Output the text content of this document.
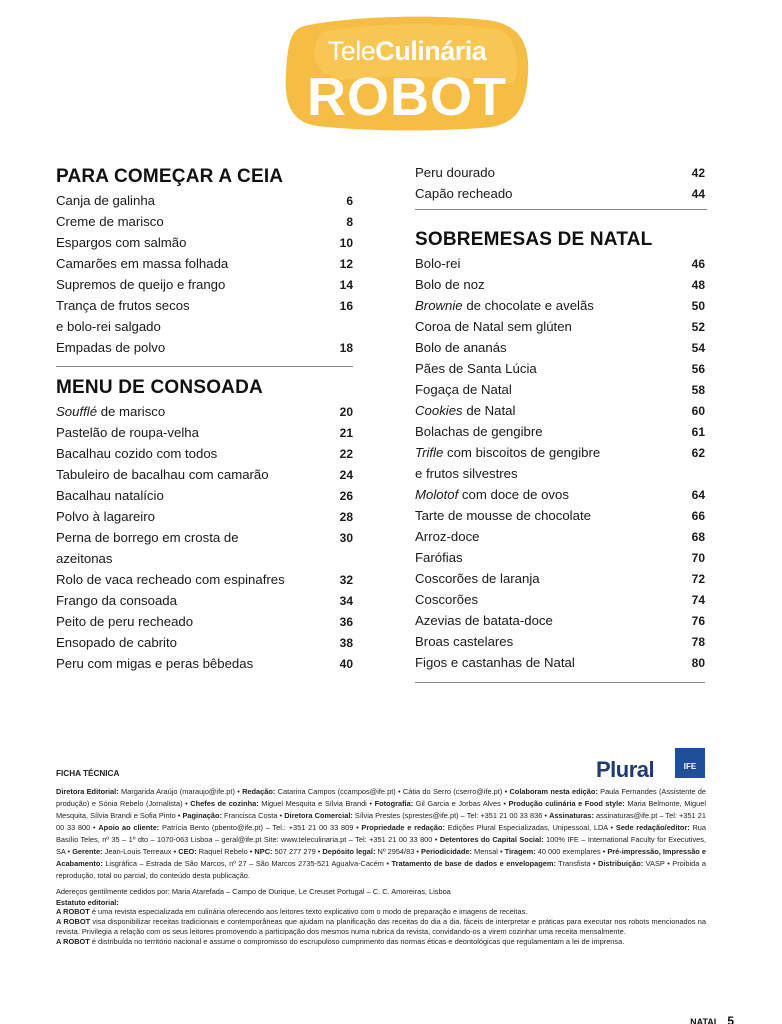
TeleCulinária
ROBOT
PARA COMEÇAR A CEIA
Canja de galinha	6
Creme de marisco	8
Espargos com salmão	10
Camarões em massa folhada	12
Supremos de queijo e frango	14
Trança de frutos secos	16
e bolo-rei salgado
Empadas de polvo	18
MENU DE CONSOADA
Soufflé de marisco	20
Pastelão de roupa-velha	21
Bacalhau cozido com todos	22
Tabuleiro de bacalhau com camarão	24
Bacalhau natalício	26
Polvo à lagareiro	28
Perna de borrego em crosta de	30
azeitonas
Rolo de vaca recheado com espinafres	32
Frango da consoada	34
Peito de peru recheado	36
Ensopado de cabrito	38
Peru com migas e peras bêbedas	40
Peru dourado	42
Capão recheado	44
SOBREMESAS DE NATAL
Bolo-rei	46
Bolo de noz	48
Brownie de chocolate e avelãs	50
Coroa de Natal sem glúten	52
Bolo de ananás	54
Pães de Santa Lúcia	56
Fogaça de Natal	58
Cookies de Natal	60
Bolachas de gengibre	61
Trifle com biscoitos de gengibre	62
e frutos silvestres
Molotof com doce de ovos	64
Tarte de mousse de chocolate	66
Arroz-doce	68
Farófias	70
Coscorões de laranja	72
Coscorões	74
Azevias de batata-doce	76
Broas castelares	78
Figos e castanhas de Natal	80
Plural	IFE
FICHA TÉCNICA

Diretora Editorial: Margarida Araújo (maraujo@ife.pt) • Redação: Catarina Campos (ccampos@ife.pt) • Cátia do Serro (cserro@ife.pt) • Colaboram nesta edição: Paula Fernandes (Assistente de produção) e Sónia Rebelo (Jornalista) • Chefes de cozinha: Miguel Mesquita e Sílvia Brandi • Fotografia: Gil Garcia e Jorbas Alves • Produção culinária e Food style: Maria Belmonte, Miguel Mesquita, Sílvia Brandi e Sofia Pinto • Paginação: Francisca Costa • Diretora Comercial: Sílvia Prestes (sprestes@ife.pt) – Tel: +351 21 00 33 836 • Assinaturas: assinaturas@ife.pt – Tel: +351 21 00 33 800 • Apoio ao cliente: Patrícia Bento (pbento@ife.pt) – Tel.: +351 21 00 33 809 • Propriedade e redação: Edições Plural Especializadas, Unipessoal, LDA • Sede redação/editor: Rua Basílio Teles, nº 35 – 1º dto – 1070-063 Lisboa – geral@ife.pt Site: www.teleculinaria.pt – Tel: +351 21 00 33 800 • Detentores do Capital Social: 100% IFE – International Faculty for Executives, SA • Gerente: Jean-Louis Terreaux • CEO: Raquel Rebelo • NPC: 507 277 279 • Depósito legal: Nº 2954/83 • Periodicidade: Mensal • Tiragem: 40 000 exemplares • Pré-impressão, Impressão e Acabamento: Lisgráfica – Estrada de São Marcos, nº 27 – São Marcos 2735-521 Agualva-Cacém • Tratamento de base de dados e envelopagem: Transfista • Distribuição: VASP • Proibida a reprodução, total ou parcial, do conteúdo desta publicação.

Adereços gentilmente cedidos por: Maria Atarefada – Campo de Ourique, Le Creuset Portugal – C. C. Amoreiras, Lisboa

Estatuto editorial:

A ROBOT é uma revista especializada em culinária oferecendo aos leitores texto explicativo com o modo de preparação e imagens de receitas.

A ROBOT visa disponibilizar receitas tradicionais e contemporâneas que ajudam na planificação das receitas do dia a dia, fáceis de interpretar e práticas para executar nos robots mencionados na revista. Privilegia a relação com os seus leitores promovendo a participação dos mesmos numa rubrica da revista, convidando-os a virem cozinhar uma receita mensalmente.

A ROBOT é distribuída no território nacional e assume o compromisso do escrupuloso cumprimento das normas éticas e deontológicas que regulamentam a lei de imprensa.

NATAL 5
